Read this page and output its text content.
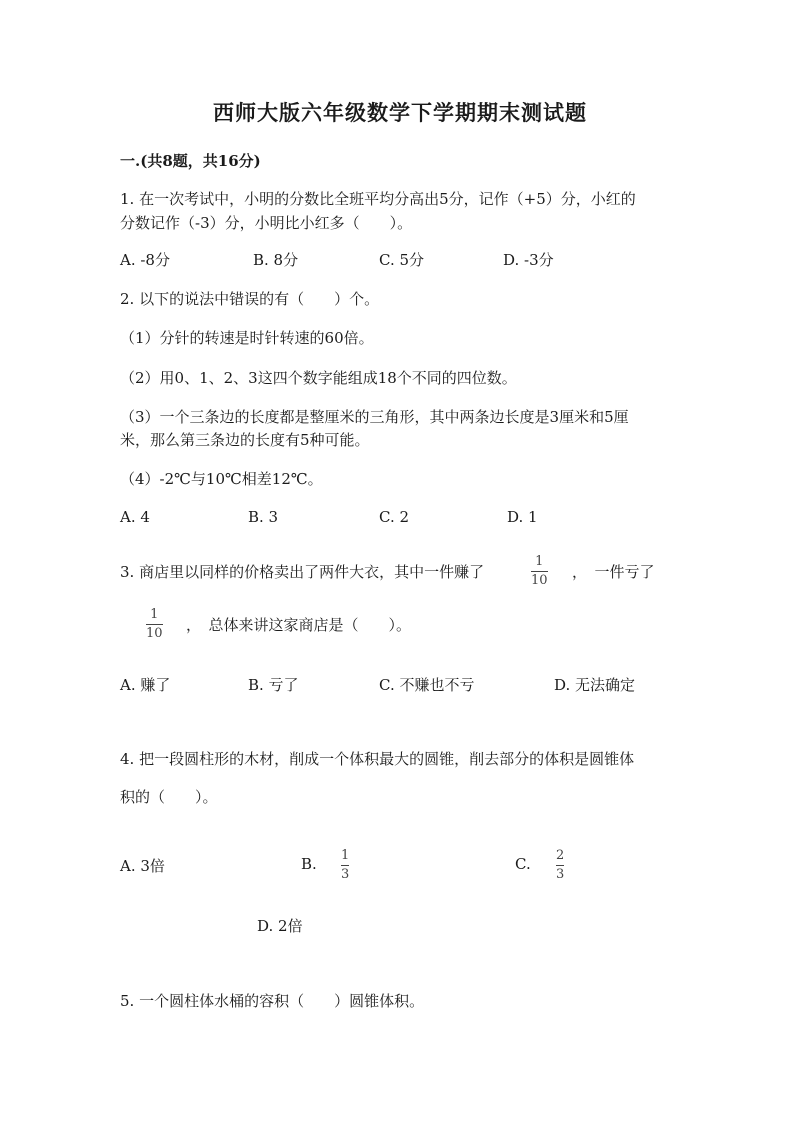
西师大版六年级数学下学期期末测试题
一.(共8题，共16分)
1. 在一次考试中，小明的分数比全班平均分高出5分，记作（+5）分，小红的
分数记作（-3）分，小明比小红多（　　）。
A. -8分	B. 8分	C. 5分	D. -3分
2. 以下的说法中错误的有（　　）个。
（1）分针的转速是时针转速的60倍。
（2）用0、1、2、3这四个数字能组成18个不同的四位数。
（3）一个三条边的长度都是整厘米的三角形，其中两条边长度是3厘米和5厘
米，那么第三条边的长度有5种可能。
（4）-2℃与10℃相差12℃。
A. 4	B. 3	C. 2	D. 1
3. 商店里以同样的价格卖出了两件大衣，其中一件赚了
1
10 ，　一件亏了
1
10 ，　总体来讲这家商店是（　　）。
A. 赚了	B. 亏了	C. 不赚也不亏	D. 无法确定
4. 把一段圆柱形的木材，削成一个体积最大的圆锥，削去部分的体积是圆锥体
积的（　　）。
A. 3倍	B. 1
3
C. 2
3
D. 2倍
5. 一个圆柱体水桶的容积（　　）圆锥体积。
